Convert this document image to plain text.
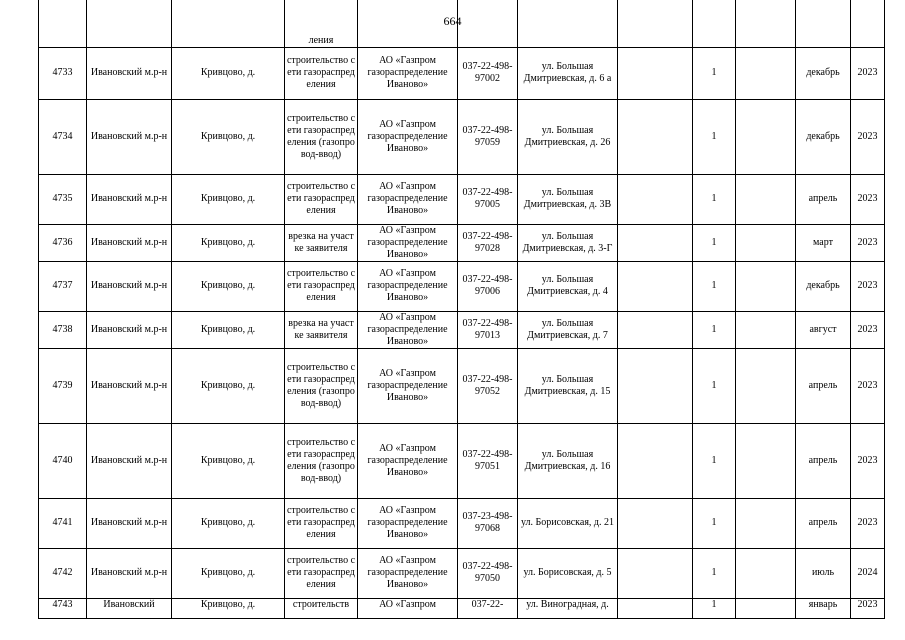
			ления								
4733	Ивановский м.р-н	Кривцово, д.	строительство сети газораспределения	АО «Газпром газораспределение Иваново»	037-22-498-97002	ул. Большая Дмитриевская, д. 6 а		1		декабрь	2023
4734	Ивановский м.р-н	Кривцово, д.	строительство сети газораспределения (газопровод-ввод)	АО «Газпром газораспределение Иваново»	037-22-498-97059	ул. Большая Дмитриевская, д. 26		1		декабрь	2023
4735	Ивановский м.р-н	Кривцово, д.	строительство сети газораспределения	АО «Газпром газораспределение Иваново»	037-22-498-97005	ул. Большая Дмитриевская, д. 3В		1		апрель	2023
4736	Ивановский м.р-н	Кривцово, д.	врезка на участке заявителя	АО «Газпром газораспределение Иваново»	037-22-498-97028	ул. Большая Дмитриевская, д. 3-Г		1		март	2023
4737	Ивановский м.р-н	Кривцово, д.	строительство сети газораспределения	АО «Газпром газораспределение Иваново»	037-22-498-97006	ул. Большая Дмитриевская, д. 4		1		декабрь	2023
4738	Ивановский м.р-н	Кривцово, д.	врезка на участке заявителя	АО «Газпром газораспределение Иваново»	037-22-498-97013	ул. Большая Дмитриевская, д. 7		1		август	2023
4739	Ивановский м.р-н	Кривцово, д.	строительство сети газораспределения (газопровод-ввод)	АО «Газпром газораспределение Иваново»	037-22-498-97052	ул. Большая Дмитриевская, д. 15		1		апрель	2023
4740	Ивановский м.р-н	Кривцово, д.	строительство сети газораспределения (газопровод-ввод)	АО «Газпром газораспределение Иваново»	037-22-498-97051	ул. Большая Дмитриевская, д. 16		1		апрель	2023
4741	Ивановский м.р-н	Кривцово, д.	строительство сети газораспределения	АО «Газпром газораспределение Иваново»	037-23-498-97068	ул. Борисовская, д. 21		1		апрель	2023
4742	Ивановский м.р-н	Кривцово, д.	строительство сети газораспределения	АО «Газпром газораспределение Иваново»	037-22-498-97050	ул. Борисовская, д. 5		1		июль	2024
4743	Ивановский	Кривцово, д.	строительств	АО «Газпром	037-22-	ул. Виноградная, д.		1		январь	2023
664
